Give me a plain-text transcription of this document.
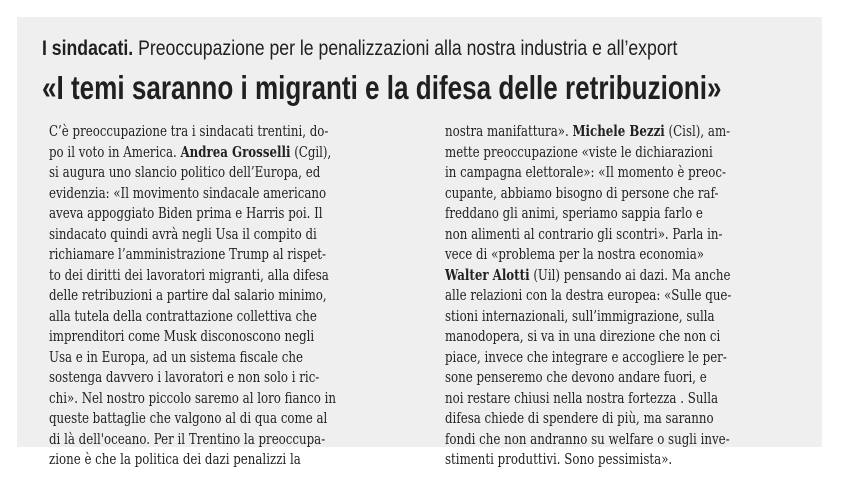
I sindacati. Preoccupazione per le penalizzazioni alla nostra industria e all’export
«I temi saranno i migranti e la difesa delle retribuzioni»
C’è preoccupazione tra i sindacati trentini, do-
po il voto in America. Andrea Grosselli (Cgil),
si augura uno slancio politico dell’Europa, ed
evidenzia: «Il movimento sindacale americano
aveva appoggiato Biden prima e Harris poi. Il
sindacato quindi avrà negli Usa il compito di
richiamare l’amministrazione Trump al rispet-
to dei diritti dei lavoratori migranti, alla difesa
delle retribuzioni a partire dal salario minimo,
alla tutela della contrattazione collettiva che
imprenditori come Musk disconoscono negli
Usa e in Europa, ad un sistema fiscale che
sostenga davvero i lavoratori e non solo i ric-
chi». Nel nostro piccolo saremo al loro fianco in
queste battaglie che valgono al di qua come al
di là dell'oceano. Per il Trentino la preoccupa-
zione è che la politica dei dazi penalizzi la
nostra manifattura». Michele Bezzi (Cisl), am-
mette preoccupazione «viste le dichiarazioni
in campagna elettorale»: «Il momento è preoc-
cupante, abbiamo bisogno di persone che raf-
freddano gli animi, speriamo sappia farlo e
non alimenti al contrario gli scontri». Parla in-
vece di «problema per la nostra economia»
Walter Alotti (Uil) pensando ai dazi. Ma anche
alle relazioni con la destra europea: «Sulle que-
stioni internazionali, sull’immigrazione, sulla
manodopera, si va in una direzione che non ci
piace, invece che integrare e accogliere le per-
sone penseremo che devono andare fuori, e
noi restare chiusi nella nostra fortezza . Sulla
difesa chiede di spendere di più, ma saranno
fondi che non andranno su welfare o sugli inve-
stimenti produttivi. Sono pessimista».
